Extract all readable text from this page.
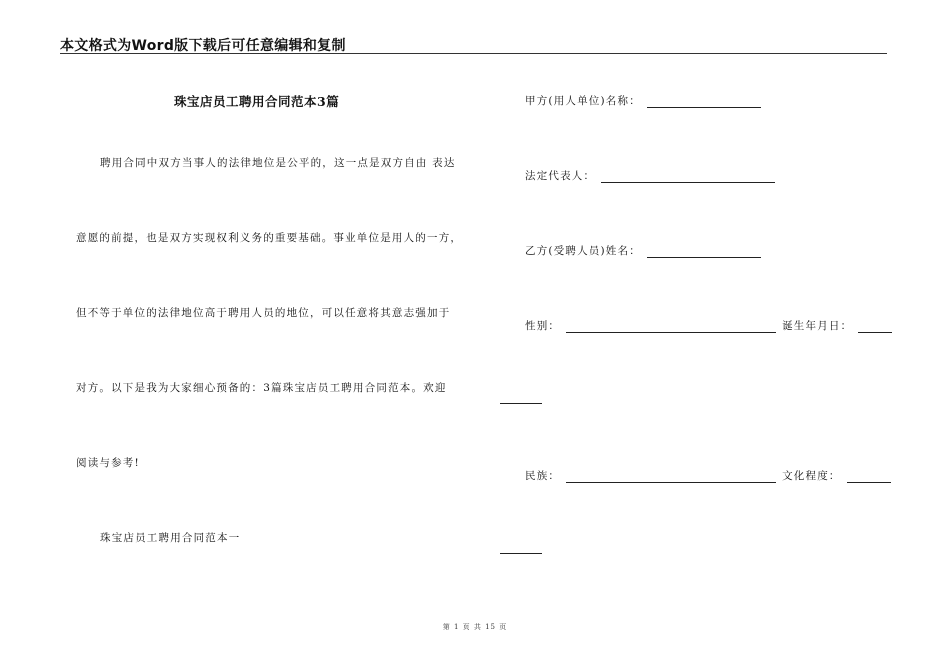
本文格式为Word版下载后可任意编辑和复制
珠宝店员工聘用合同范本3篇
聘用合同中双方当事人的法律地位是公平的，这一点是双方自由 表达
意愿的前提，也是双方实现权利义务的重要基础。事业单位是用人的一方，
但不等于单位的法律地位高于聘用人员的地位，可以任意将其意志强加于
对方。以下是我为大家细心预备的：3篇珠宝店员工聘用合同范本。欢迎
阅读与参考!
珠宝店员工聘用合同范本一
甲方(用人单位)名称：
法定代表人：
乙方(受聘人员)姓名：
性别：	诞生年月日：
民族：	文化程度：
第 1 页 共 15 页
